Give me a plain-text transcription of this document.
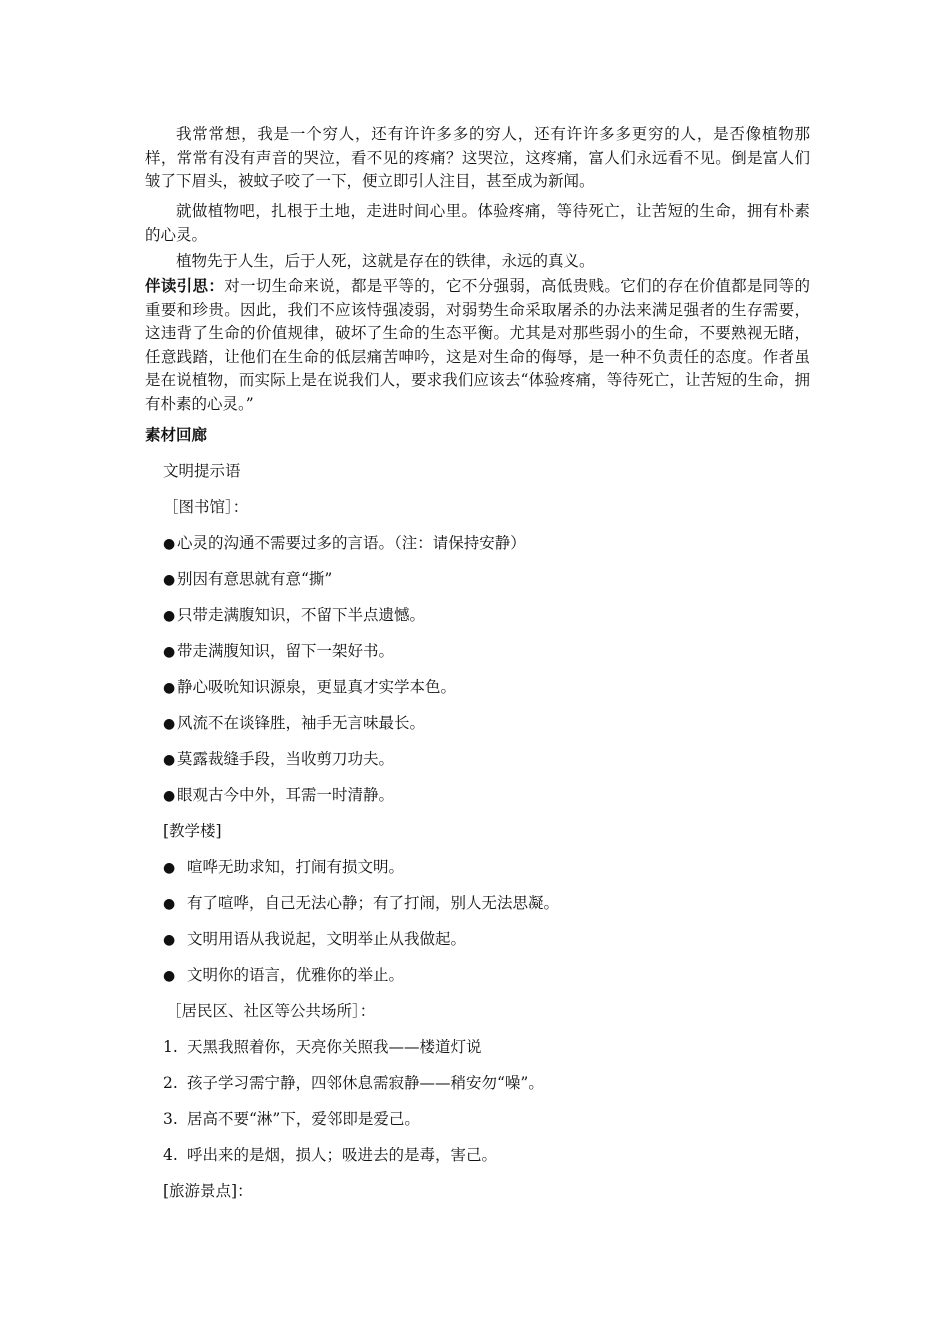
我常常想，我是一个穷人，还有许许多多的穷人，还有许许多多更穷的人，是否像植物那样，常常有没有声音的哭泣，看不见的疼痛？这哭泣，这疼痛，富人们永远看不见。倒是富人们皱了下眉头，被蚊子咬了一下，便立即引人注目，甚至成为新闻。

就做植物吧，扎根于土地，走进时间心里。体验疼痛，等待死亡，让苦短的生命，拥有朴素的心灵。

植物先于人生，后于人死，这就是存在的铁律，永远的真义。

伴读引思：对一切生命来说，都是平等的，它不分强弱，高低贵贱。它们的存在价值都是同等的重要和珍贵。因此，我们不应该恃强凌弱，对弱势生命采取屠杀的办法来满足强者的生存需要，这违背了生命的价值规律，破坏了生命的生态平衡。尤其是对那些弱小的生命，不要熟视无睹，任意践踏，让他们在生命的低层痛苦呻吟，这是对生命的侮辱，是一种不负责任的态度。作者虽是在说植物，而实际上是在说我们人，要求我们应该去“体验疼痛，等待死亡，让苦短的生命，拥有朴素的心灵。”

素材回廊
文明提示语
［图书馆］：
● 心灵的沟通不需要过多的言语。（注：请保持安静）
● 别因有意思就有意“撕”
● 只带走满腹知识，不留下半点遗憾。
● 带走满腹知识，留下一架好书。
● 静心吸吮知识源泉，更显真才实学本色。
● 风流不在谈锋胜，袖手无言味最长。
● 莫露裁缝手段，当收剪刀功夫。
● 眼观古今中外，耳需一时清静。
[教学楼]
● 喧哗无助求知，打闹有损文明。
● 有了喧哗，自己无法心静；有了打闹，别人无法思凝。
● 文明用语从我说起，文明举止从我做起。
● 文明你的语言，优雅你的举止。
［居民区、社区等公共场所］：
1. 天黑我照着你，天亮你关照我——楼道灯说
2. 孩子学习需宁静，四邻休息需寂静——稍安勿“噪”。
3. 居高不要“淋”下，爱邻即是爱己。
4. 呼出来的是烟，损人；吸进去的是毒，害己。
[旅游景点]：
